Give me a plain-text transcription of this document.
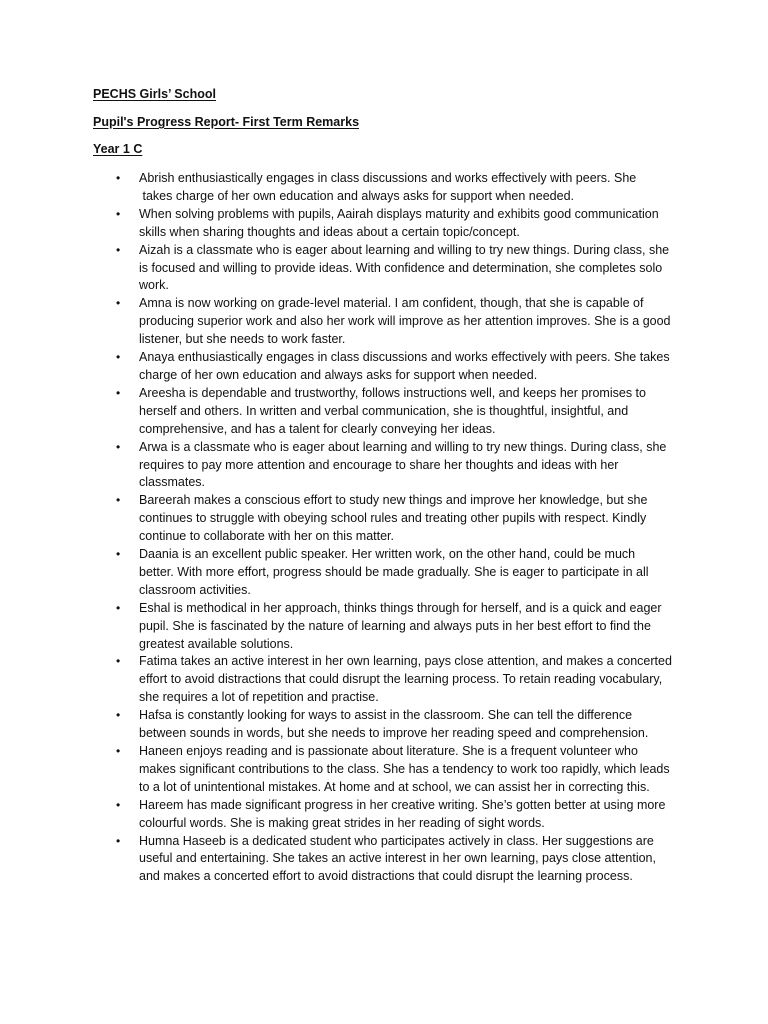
PECHS Girls’ School
Pupil's Progress Report- First Term Remarks
Year 1 C
• Abrish enthusiastically engages in class discussions and works effectively with peers. She
takes charge of her own education and always asks for support when needed.
• When solving problems with pupils, Aairah displays maturity and exhibits good communication skills when sharing thoughts and ideas about a certain topic/concept.
• Aizah is a classmate who is eager about learning and willing to try new things. During class, she is focused and willing to provide ideas. With confidence and determination, she completes solo work.
• Amna is now working on grade-level material. I am confident, though, that she is capable of producing superior work and also her work will improve as her attention improves. She is a good listener, but she needs to work faster.
• Anaya enthusiastically engages in class discussions and works effectively with peers. She takes charge of her own education and always asks for support when needed.
• Areesha is dependable and trustworthy, follows instructions well, and keeps her promises to herself and others. In written and verbal communication, she is thoughtful, insightful, and comprehensive, and has a talent for clearly conveying her ideas.
• Arwa is a classmate who is eager about learning and willing to try new things. During class, she requires to pay more attention and encourage to share her thoughts and ideas with her classmates.
• Bareerah makes a conscious effort to study new things and improve her knowledge, but she continues to struggle with obeying school rules and treating other pupils with respect. Kindly continue to collaborate with her on this matter.
• Daania is an excellent public speaker. Her written work, on the other hand, could be much better. With more effort, progress should be made gradually. She is eager to participate in all classroom activities.
• Eshal is methodical in her approach, thinks things through for herself, and is a quick and eager pupil. She is fascinated by the nature of learning and always puts in her best effort to find the greatest available solutions.
• Fatima takes an active interest in her own learning, pays close attention, and makes a concerted effort to avoid distractions that could disrupt the learning process. To retain reading vocabulary, she requires a lot of repetition and practise.
• Hafsa is constantly looking for ways to assist in the classroom. She can tell the difference between sounds in words, but she needs to improve her reading speed and comprehension.
• Haneen enjoys reading and is passionate about literature. She is a frequent volunteer who makes significant contributions to the class. She has a tendency to work too rapidly, which leads to a lot of unintentional mistakes. At home and at school, we can assist her in correcting this.
• Hareem has made significant progress in her creative writing. She’s gotten better at using more colourful words. She is making great strides in her reading of sight words.
• Humna Haseeb is a dedicated student who participates actively in class. Her suggestions are useful and entertaining. She takes an active interest in her own learning, pays close attention, and makes a concerted effort to avoid distractions that could disrupt the learning process.
